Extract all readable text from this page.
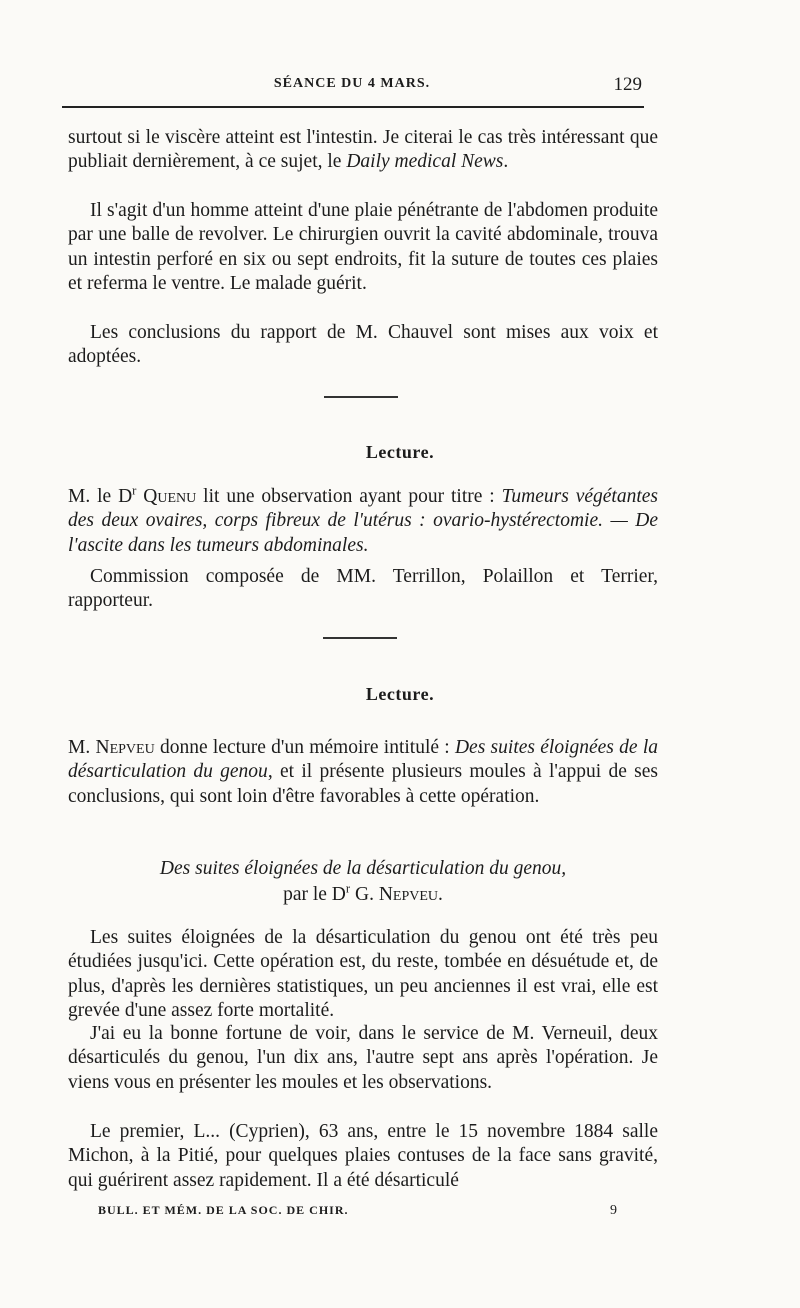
SÉANCE DU 4 MARS.	129

surtout si le viscère atteint est l'intestin. Je citerai le cas très intéressant que publiait dernièrement, à ce sujet, le Daily medical News.

Il s'agit d'un homme atteint d'une plaie pénétrante de l'abdomen produite par une balle de revolver. Le chirurgien ouvrit la cavité abdominale, trouva un intestin perforé en six ou sept endroits, fit la suture de toutes ces plaies et referma le ventre. Le malade guérit.

Les conclusions du rapport de M. Chauvel sont mises aux voix et adoptées.

Lecture.

M. le $D^r$ Quenu lit une observation ayant pour titre : Tumeurs végétantes des deux ovaires, corps fibreux de l'utérus : ovario-hystérectomie. — De l'ascite dans les tumeurs abdominales.

Commission composée de MM. Terrillon, Polaillon et Terrier, rapporteur.

Lecture.

M. Nepveu donne lecture d'un mémoire intitulé : Des suites éloignées de la désarticulation du genou, et il présente plusieurs moules à l'appui de ses conclusions, qui sont loin d'être favorables à cette opération.

Des suites éloignées de la désarticulation du genou,

par le $D^r$ G. Nepveu.

Les suites éloignées de la désarticulation du genou ont été très peu étudiées jusqu'ici. Cette opération est, du reste, tombée en désuétude et, de plus, d'après les dernières statistiques, un peu anciennes il est vrai, elle est grevée d'une assez forte mortalité.

J'ai eu la bonne fortune de voir, dans le service de M. Verneuil, deux désarticulés du genou, l'un dix ans, l'autre sept ans après l'opération. Je viens vous en présenter les moules et les observations.

Le premier, L... (Cyprien), 63 ans, entre le 15 novembre 1884 salle Michon, à la Pitié, pour quelques plaies contuses de la face sans gravité, qui guérirent assez rapidement. Il a été désarticulé

BULL. ET MÉM. DE LA SOC. DE CHIR.	9
